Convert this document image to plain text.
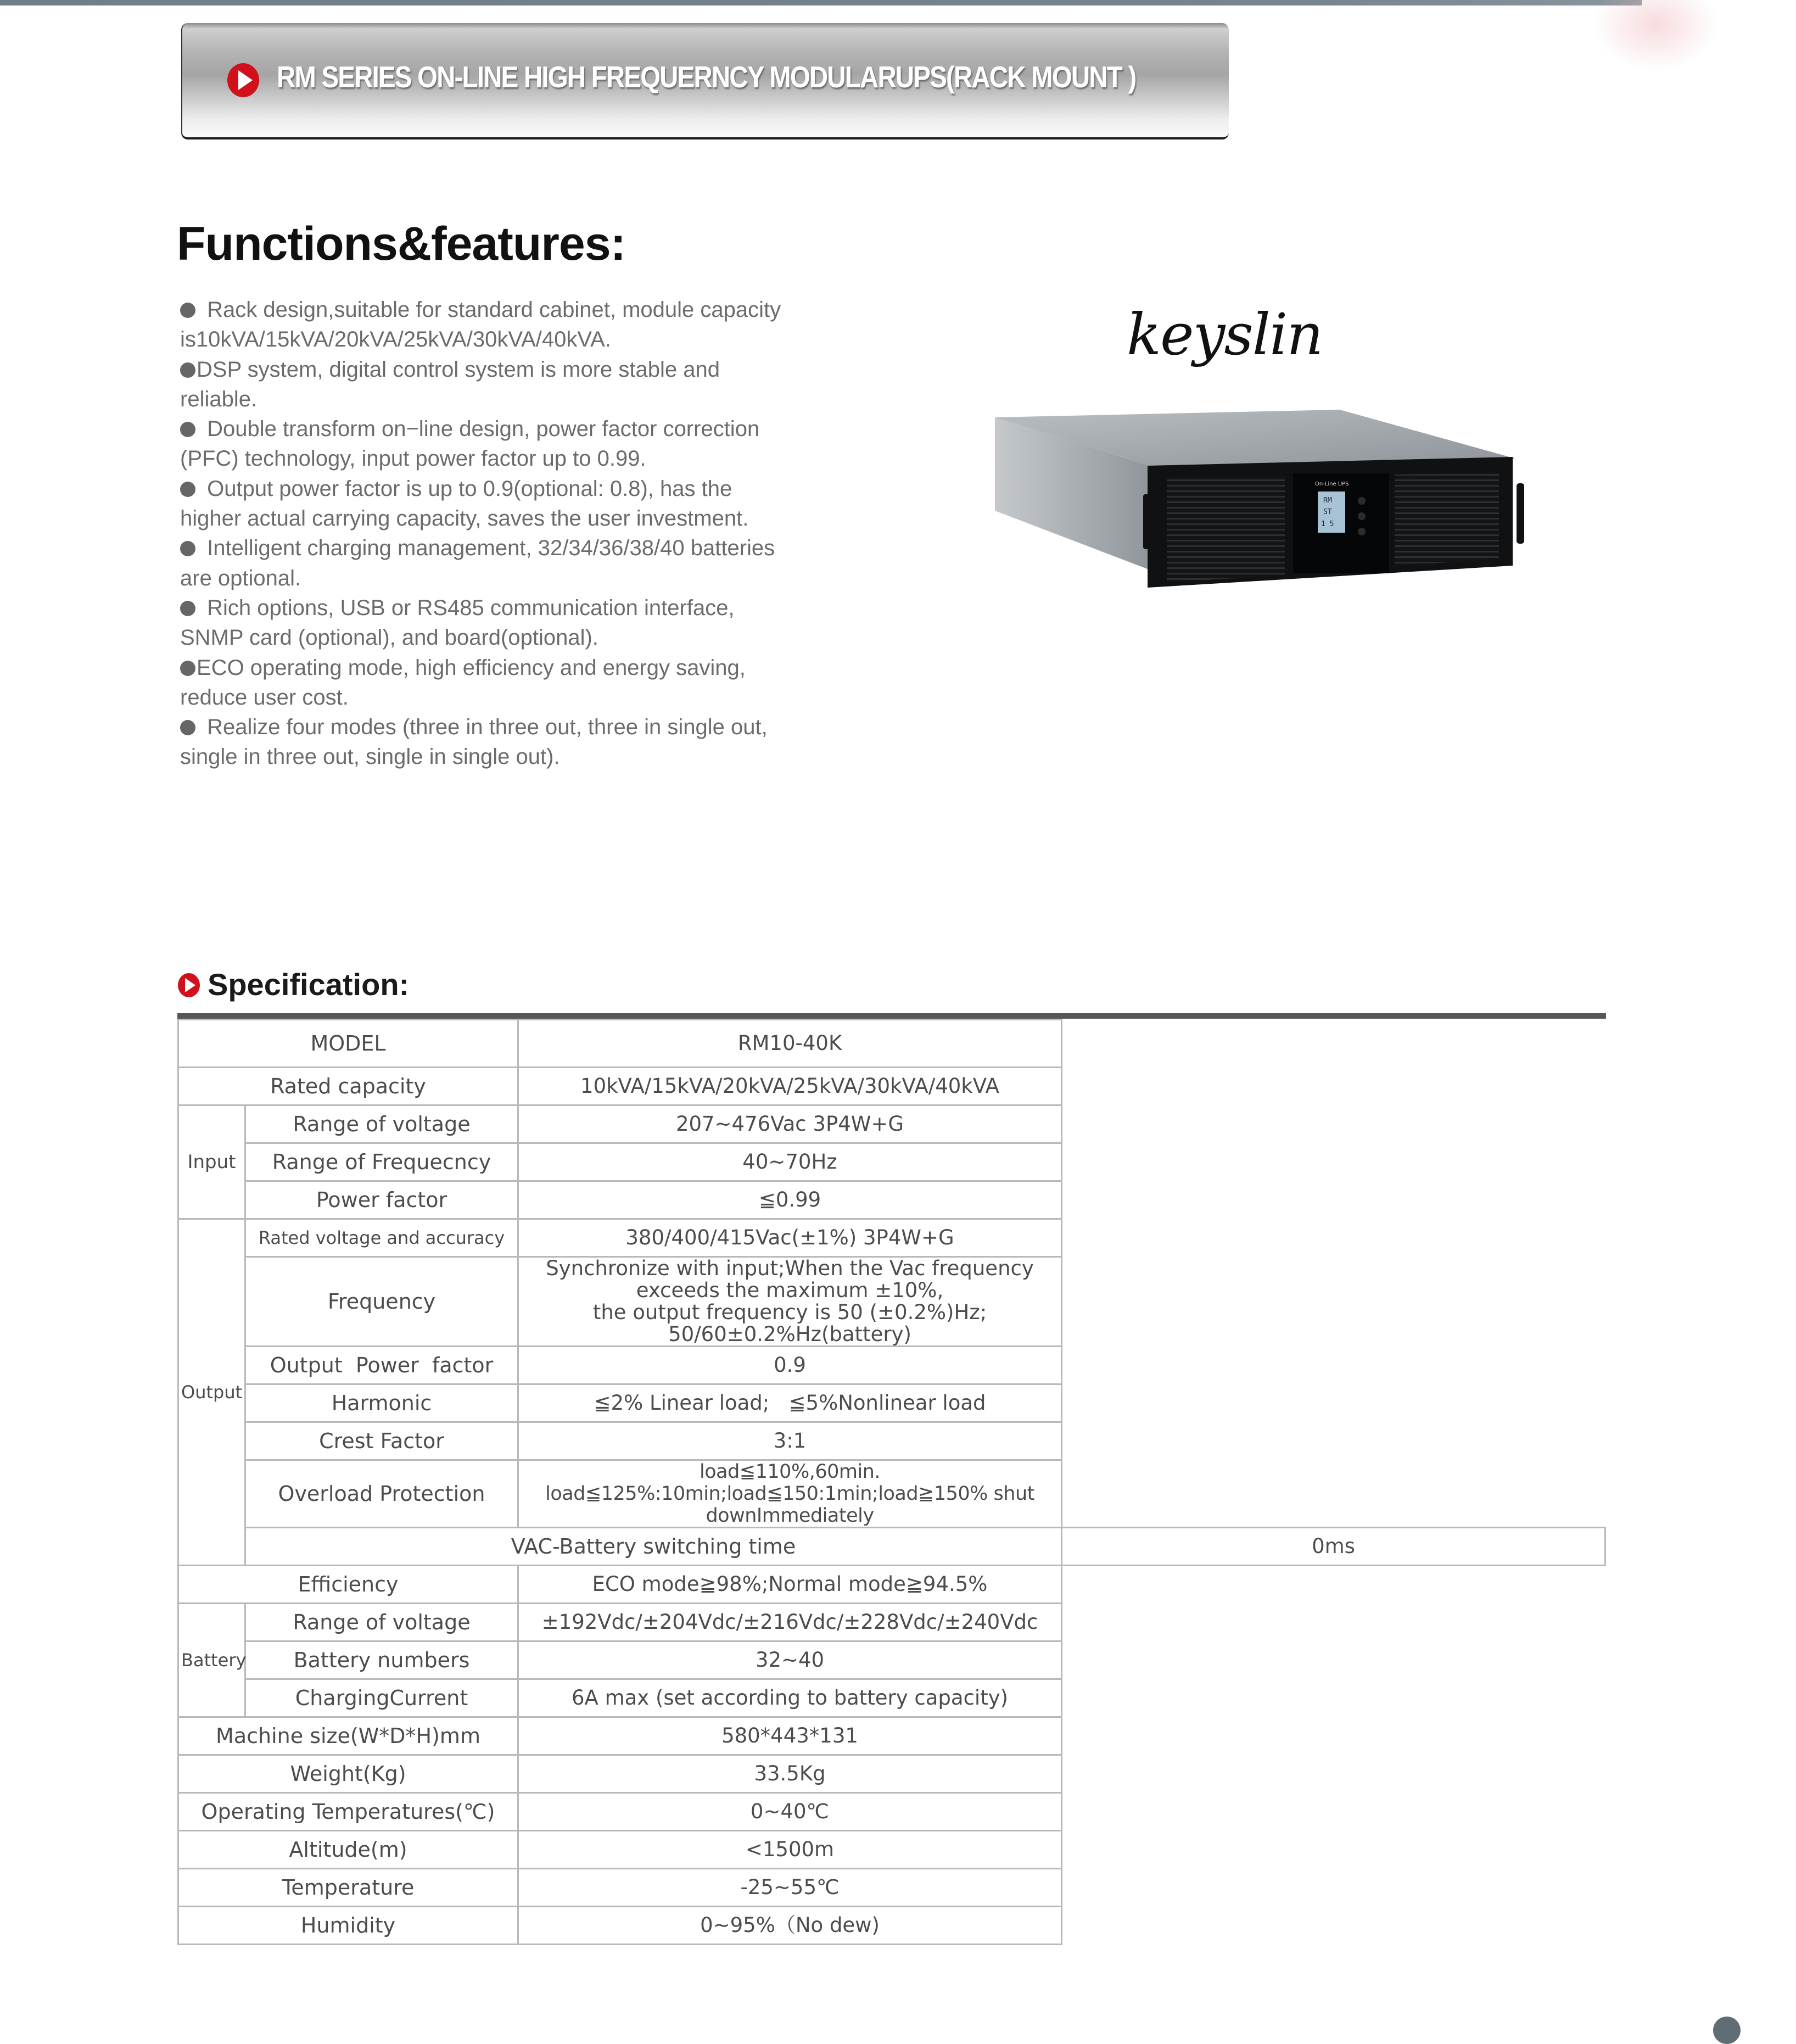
RM SERIES ON-LINE HIGH FREQUERNCY MODULARUPS(RACK MOUNT )
Functions&features:
Rack design,suitable for standard cabinet, module capacity
is10kVA/15kVA/20kVA/25kVA/30kVA/40kVA.
DSP system, digital control system is more stable and
reliable.
Double transform on−line design, power factor correction
(PFC) technology, input power factor up to 0.99.
Output power factor is up to 0.9(optional: 0.8), has the
higher actual carrying capacity, saves the user investment.
Intelligent charging management, 32/34/36/38/40 batteries
are optional.
Rich options, USB or RS485 communication interface,
SNMP card (optional), and board(optional).
ECO operating mode, high efficiency and energy saving,
reduce user cost.
Realize four modes (three in three out, three in single out,
single in three out, single in single out).
keyslin
On-Line UPS
RM
ST
1 5
Specification:
MODEL		RM10-40K	
Rated capacity		10kVA/15kVA/20kVA/25kVA/30kVA/40kVA	
Input	Range of voltage	207~476Vac 3P4W+G	
	Range of Frequecncy	40~70Hz	
	Power factor	≦0.99	
Output	Rated voltage and accuracy	380/400/415Vac(±1%) 3P4W+G	
	Frequency	Synchronize with input;When the Vac frequency exceeds the maximum ±10%,
the output frequency is 50 (±0.2%)Hz; 50/60±0.2%Hz(battery)	
	Output  Power  factor	0.9	
	Harmonic	≦2% Linear load;   ≦5%Nonlinear load	
	Crest Factor	3:1	
	Overload Protection	load≦110%,60min. load≦125%:10min;load≦150:1min;load≧150% shut downImmediately	
	VAC-Battery switching time		0ms
Efficiency		ECO mode≧98%;Normal mode≧94.5%	
Battery	Range of voltage	±192Vdc/±204Vdc/±216Vdc/±228Vdc/±240Vdc	
	Battery numbers	32~40	
	ChargingCurrent	6A max (set according to battery capacity)	
Machine size(W*D*H)mm		580*443*131	
Weight(Kg)		33.5Kg	
Operating Temperatures(℃)		0~40℃	
Altitude(m)		<1500m	
Temperature		-25~55℃	
Humidity		0~95%（No dew)	
